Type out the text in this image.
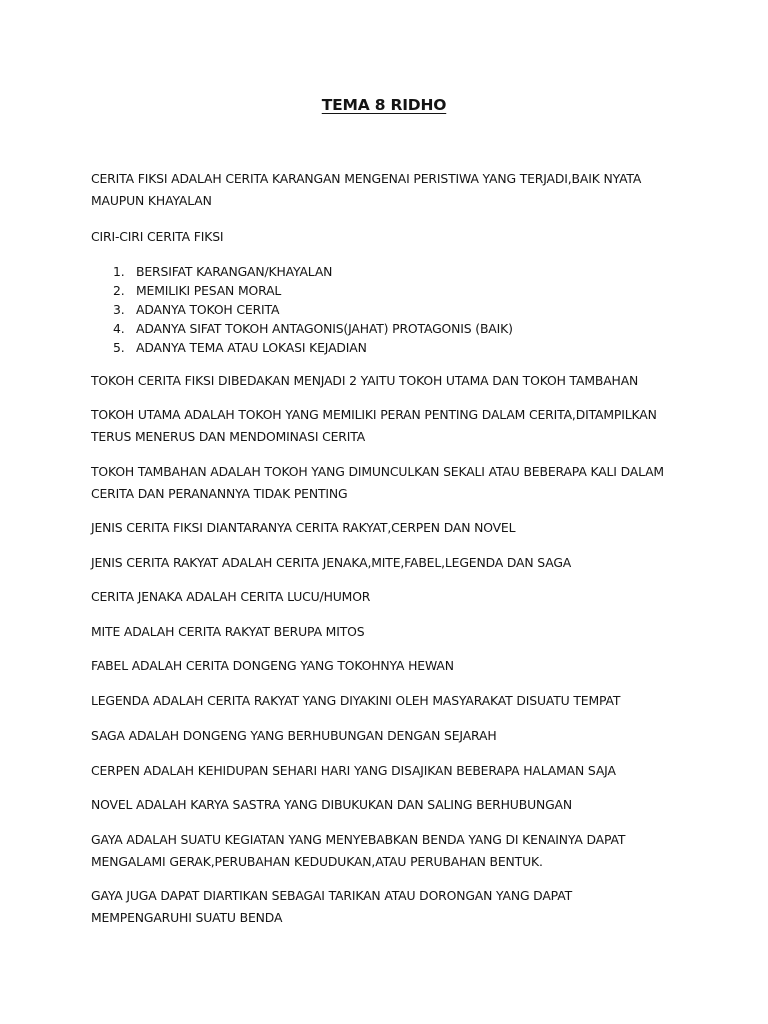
TEMA 8 RIDHO

CERITA FIKSI ADALAH CERITA KARANGAN MENGENAI PERISTIWA YANG TERJADI,BAIK NYATA
MAUPUN KHAYALAN

CIRI-CIRI CERITA FIKSI

1. BERSIFAT KARANGAN/KHAYALAN
2. MEMILIKI PESAN MORAL
3. ADANYA TOKOH CERITA
4. ADANYA SIFAT TOKOH ANTAGONIS(JAHAT) PROTAGONIS (BAIK)
5. ADANYA TEMA ATAU LOKASI KEJADIAN

TOKOH CERITA FIKSI DIBEDAKAN MENJADI 2 YAITU TOKOH UTAMA DAN TOKOH TAMBAHAN

TOKOH UTAMA ADALAH TOKOH YANG MEMILIKI PERAN PENTING DALAM CERITA,DITAMPILKAN
TERUS MENERUS DAN MENDOMINASI CERITA

TOKOH TAMBAHAN ADALAH TOKOH YANG DIMUNCULKAN SEKALI ATAU BEBERAPA KALI DALAM
CERITA DAN PERANANNYA TIDAK PENTING

JENIS CERITA FIKSI DIANTARANYA CERITA RAKYAT,CERPEN DAN NOVEL

JENIS CERITA RAKYAT ADALAH CERITA JENAKA,MITE,FABEL,LEGENDA DAN SAGA

CERITA JENAKA ADALAH CERITA LUCU/HUMOR

MITE ADALAH CERITA RAKYAT BERUPA MITOS

FABEL ADALAH CERITA DONGENG YANG TOKOHNYA HEWAN

LEGENDA ADALAH CERITA RAKYAT YANG DIYAKINI OLEH MASYARAKAT DISUATU TEMPAT

SAGA ADALAH DONGENG YANG BERHUBUNGAN DENGAN SEJARAH

CERPEN ADALAH KEHIDUPAN SEHARI HARI YANG DISAJIKAN BEBERAPA HALAMAN SAJA

NOVEL ADALAH KARYA SASTRA YANG DIBUKUKAN DAN SALING BERHUBUNGAN

GAYA ADALAH SUATU KEGIATAN YANG MENYEBABKAN BENDA YANG DI KENAINYA DAPAT
MENGALAMI GERAK,PERUBAHAN KEDUDUKAN,ATAU PERUBAHAN BENTUK.

GAYA JUGA DAPAT DIARTIKAN SEBAGAI TARIKAN ATAU DORONGAN YANG DAPAT
MEMPENGARUHI SUATU BENDA
